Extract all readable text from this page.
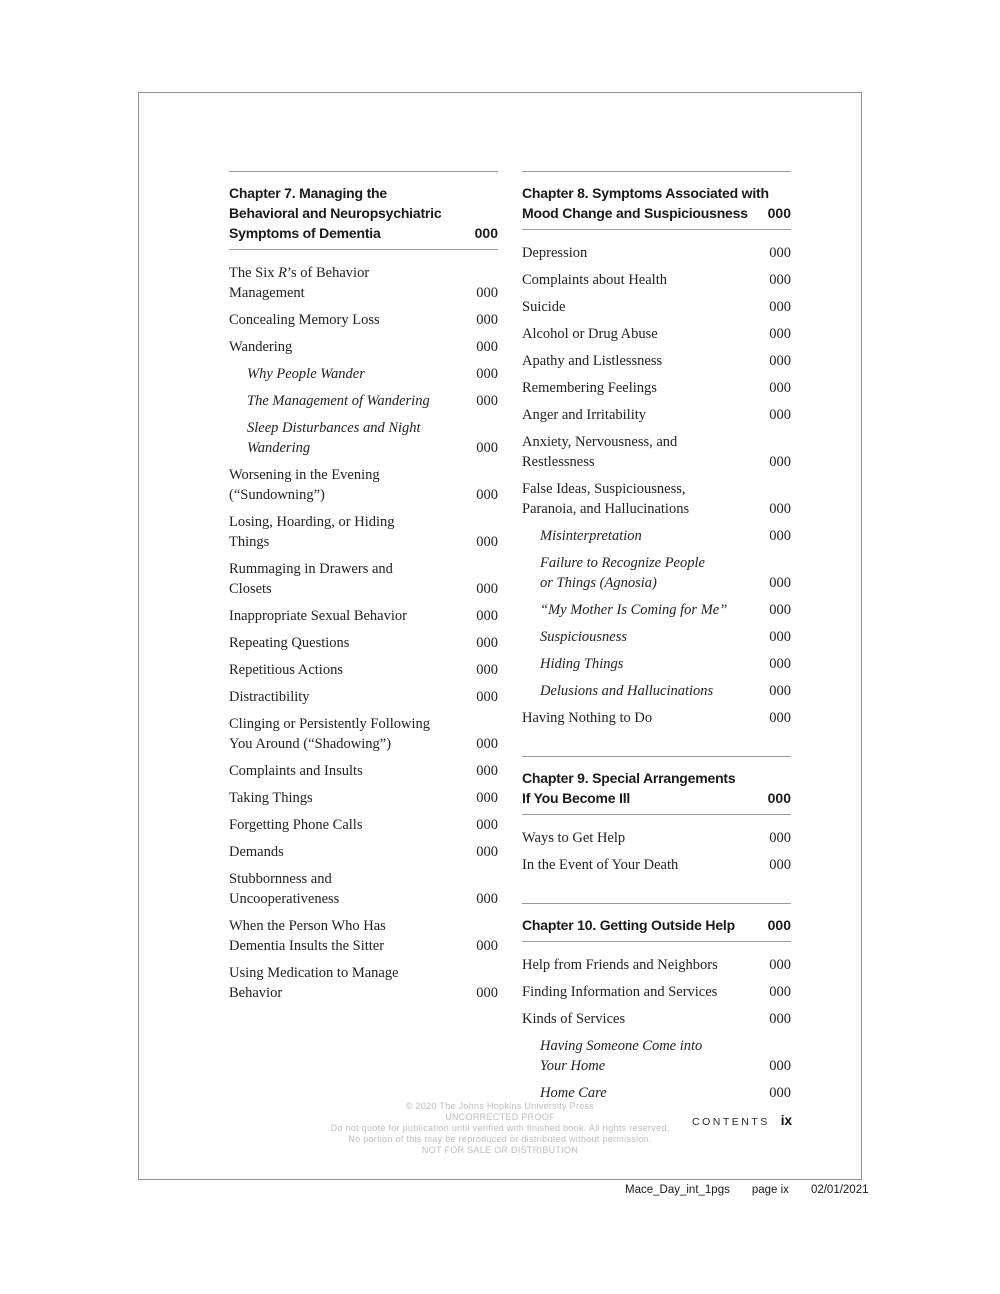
Chapter 7. Managing the
Behavioral and Neuropsychiatric
Symptoms of Dementia	000
The Six R’s of Behavior
Management	000
Concealing Memory Loss	000
Wandering	000
Why People Wander	000
The Management of Wandering	000
Sleep Disturbances and Night
Wandering	000
Worsening in the Evening
(“Sundowning”)	000
Losing, Hoarding, or Hiding
Things	000
Rummaging in Drawers and
Closets	000
Inappropriate Sexual Behavior	000
Repeating Questions	000
Repetitious Actions	000
Distractibility	000
Clinging or Persistently Following
You Around (“Shadowing”)	000
Complaints and Insults	000
Taking Things	000
Forgetting Phone Calls	000
Demands	000
Stubbornness and
Uncooperativeness	000
When the Person Who Has
Dementia Insults the Sitter	000
Using Medication to Manage
Behavior	000
Chapter 8. Symptoms Associated with
Mood Change and Suspiciousness	000
Depression	000
Complaints about Health	000
Suicide	000
Alcohol or Drug Abuse	000
Apathy and Listlessness	000
Remembering Feelings	000
Anger and Irritability	000
Anxiety, Nervousness, and
Restlessness	000
False Ideas, Suspiciousness,
Paranoia, and Hallucinations	000
Misinterpretation	000
Failure to Recognize People
or Things (Agnosia)	000
“My Mother Is Coming for Me”	000
Suspiciousness	000
Hiding Things	000
Delusions and Hallucinations	000
Having Nothing to Do	000
Chapter 9. Special Arrangements
If You Become Ill	000
Ways to Get Help	000
In the Event of Your Death	000
Chapter 10. Getting Outside Help	000
Help from Friends and Neighbors	000
Finding Information and Services	000
Kinds of Services	000
Having Someone Come into
Your Home	000
Home Care	000
© 2020 The Johns Hopkins University Press
UNCORRECTED PROOF
Do not quote for publication until verified with finished book. All rights reserved.
No portion of this may be reproduced or distributed without permission.
NOT FOR SALE OR DISTRIBUTION
CONTENTS ix
Mace_Day_int_1pgs page ix 02/01/2021
